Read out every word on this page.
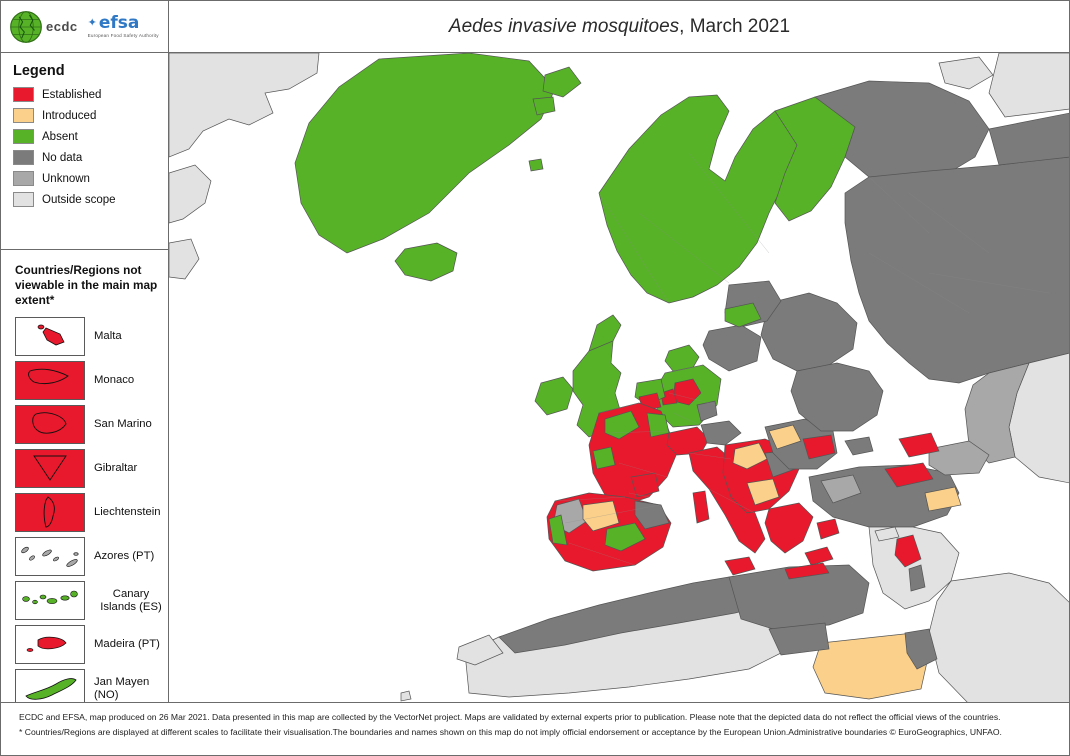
ecdc ✦ efsa
European Food Safety Authority	Aedes invasive mosquitoes , March 2021
Legend
Established
Introduced
Absent
No data
Unknown
Outside scope
Countries/Regions not viewable in the main map extent*
Malta
Monaco
San Marino
Gibraltar
Liechtenstein
Azores (PT)
Canary Islands (ES)
Madeira (PT)
Jan Mayen (NO)

ECDC and EFSA, map produced on 26 Mar 2021. Data presented in this map are collected by the VectorNet project. Maps are validated by external experts prior to publication. Please note that the depicted data do not reflect the official views of the countries.

* Countries/Regions are displayed at different scales to facilitate their visualisation.The boundaries and names shown on this map do not imply official endorsement or acceptance by the European Union.Administrative boundaries © EuroGeographics, UNFAO.
